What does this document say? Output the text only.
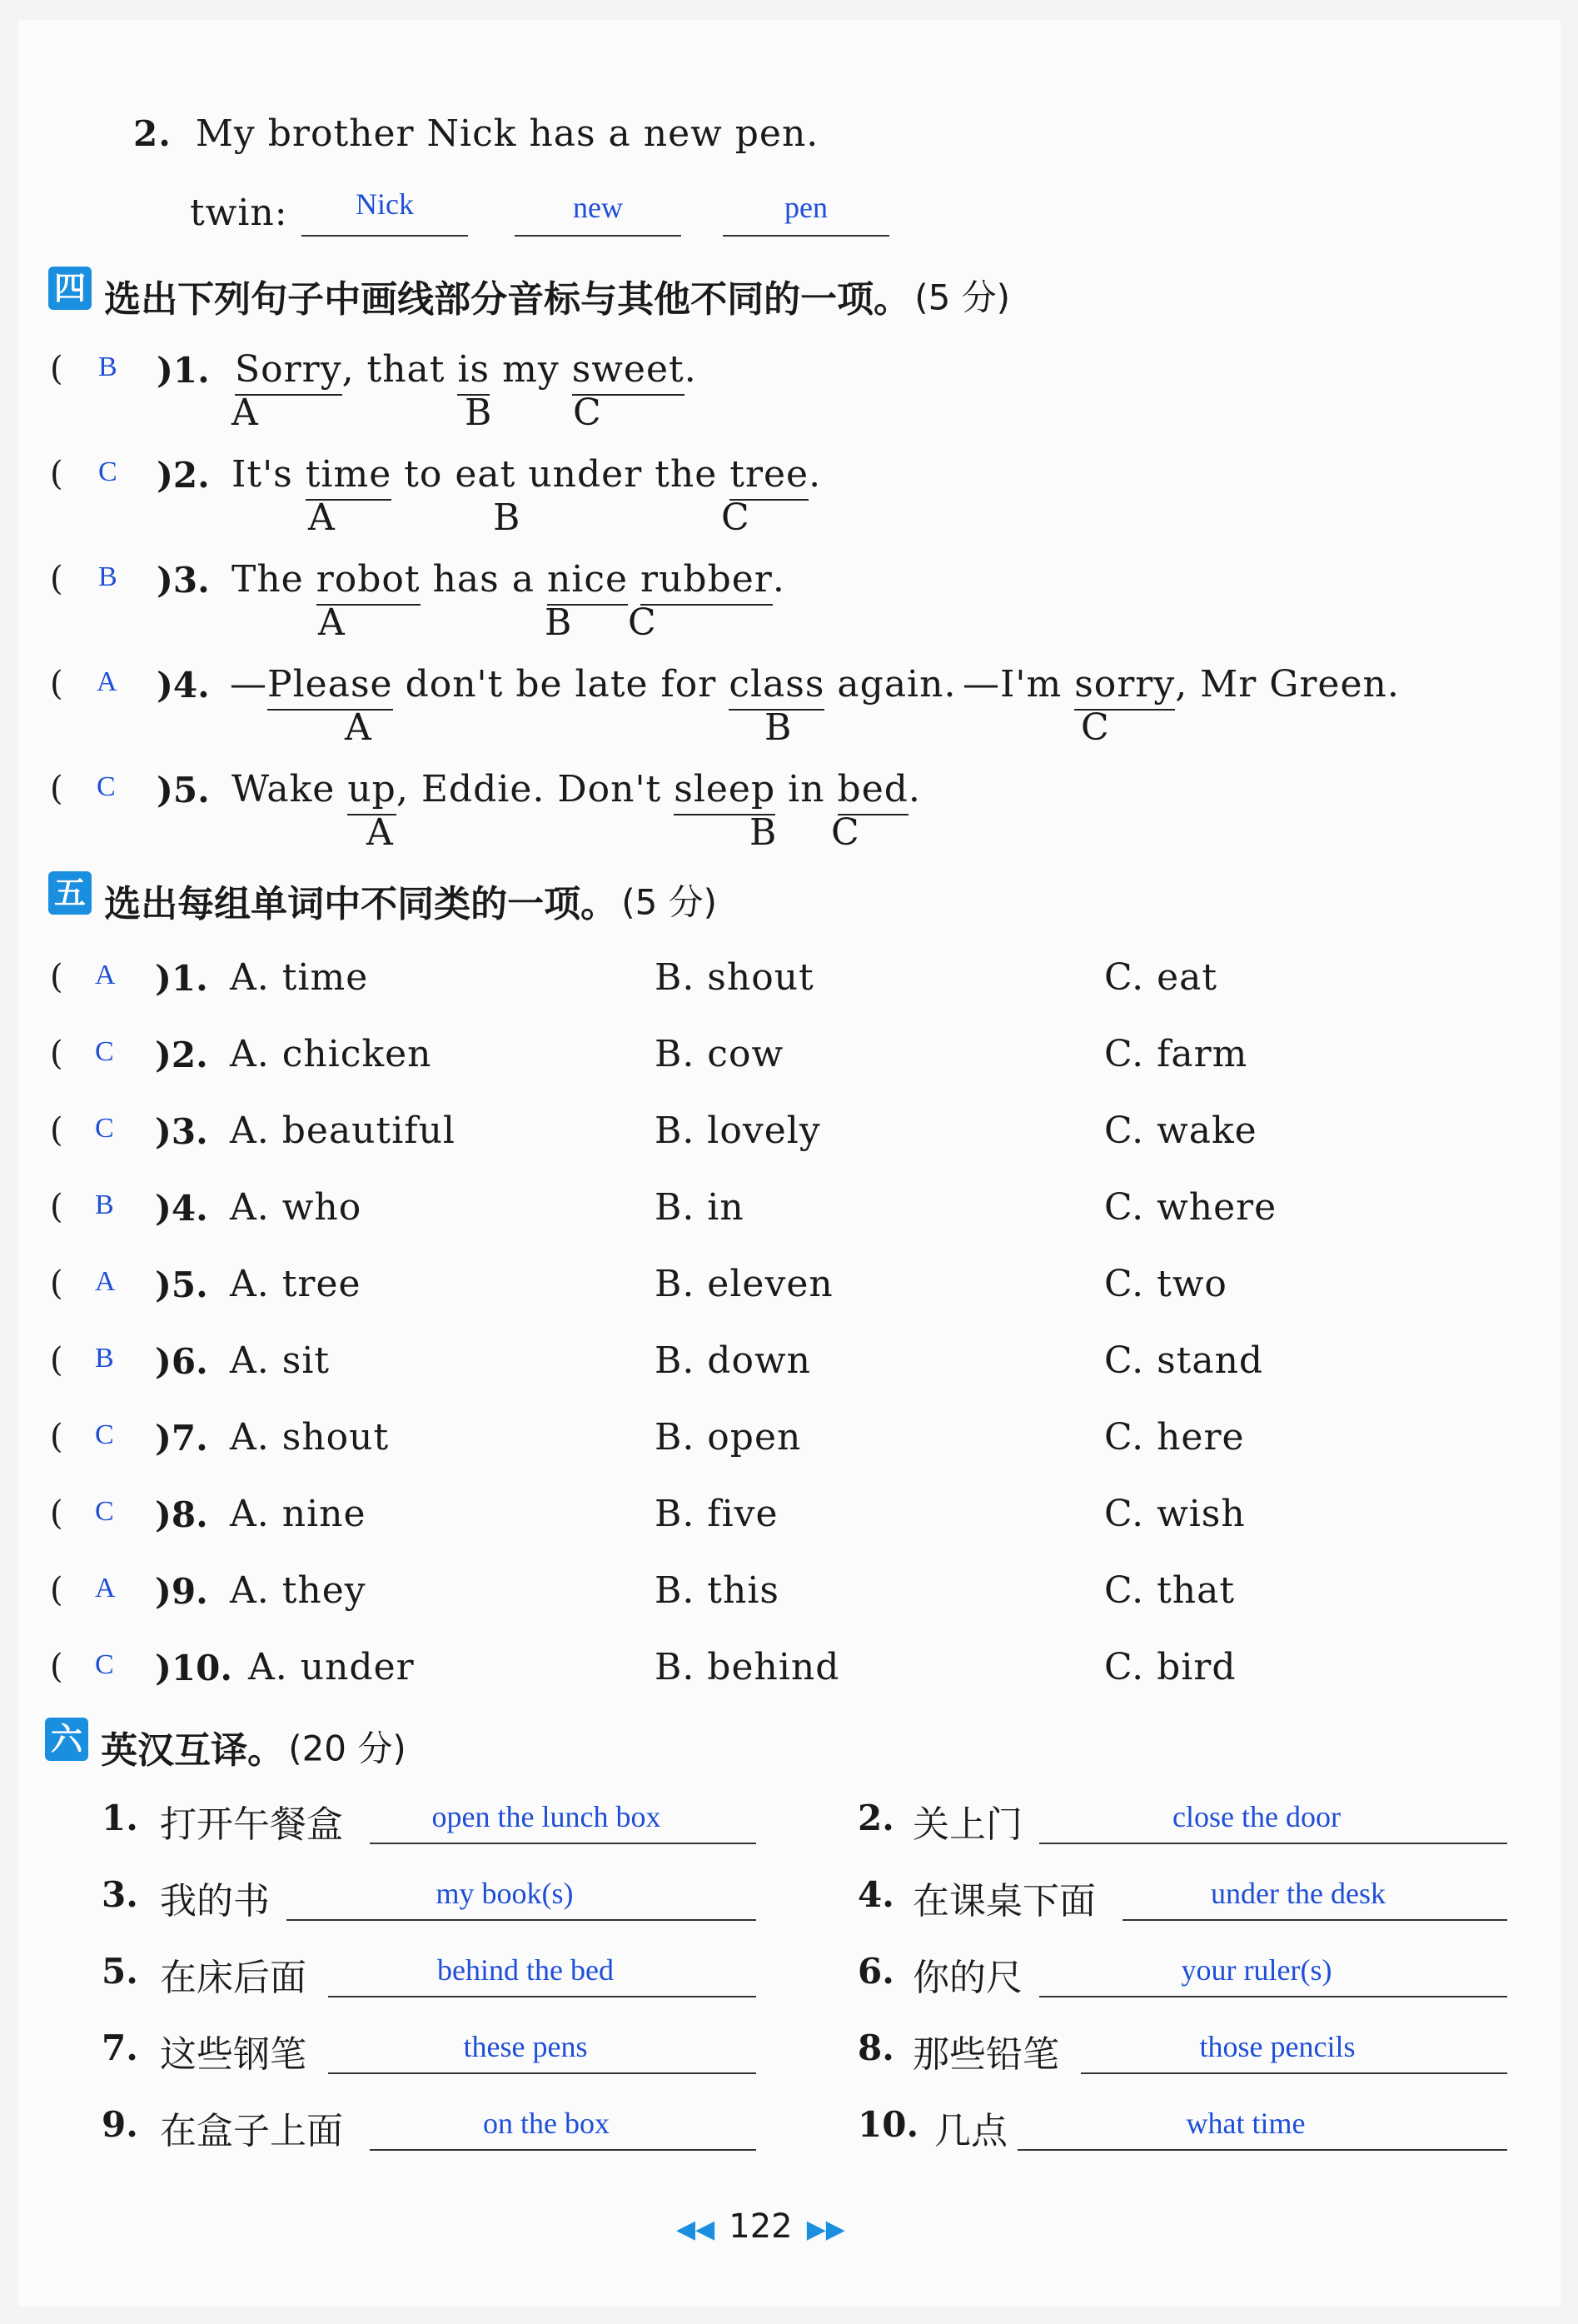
2. My brother Nick has a new pen.
twin:	Nick	new	pen
四 选出下列句子中画线部分音标与其他不同的一项。 (5 分)
( B )1. Sorry, that is my sweet.
A	B C
( C )2. It's time to eat under the tree.
A	B	C
( B )3. The robot has a nice rubber.
A	B C
( A )4. —Please don't be late for class again. —I'm sorry, Mr Green.
A	B	C
( C )5. Wake up, Eddie. Don't sleep in bed.
A	B C
五 选出每组单词中不同类的一项。 (5 分)
( A )1. A. time	B. shout	C. eat
( C )2. A. chicken	B. cow	C. farm
( C )3. A. beautiful	B. lovely	C. wake
( B )4. A. who	B. in	C. where
( A )5. A. tree	B. eleven	C. two
( B )6. A. sit	B. down	C. stand
( C )7. A. shout	B. open	C. here
( C )8. A. nine	B. five	C. wish
( A )9. A. they	B. this	C. that
( C )10. A. under	B. behind	C. bird
六 英汉互译。 (20 分)
1. 打开午餐盒	open the lunch box	2. 关上门	close the door
3. 我的书	my book(s)	4. 在课桌下面	under the desk
5. 在床后面	behind the bed	6. 你的尺	your ruler(s)
7. 这些钢笔	these pens	8. 那些铅笔	those pencils
9. 在盒子上面	on the box	10. 几点	what time
◀◀ 122 ▶▶
